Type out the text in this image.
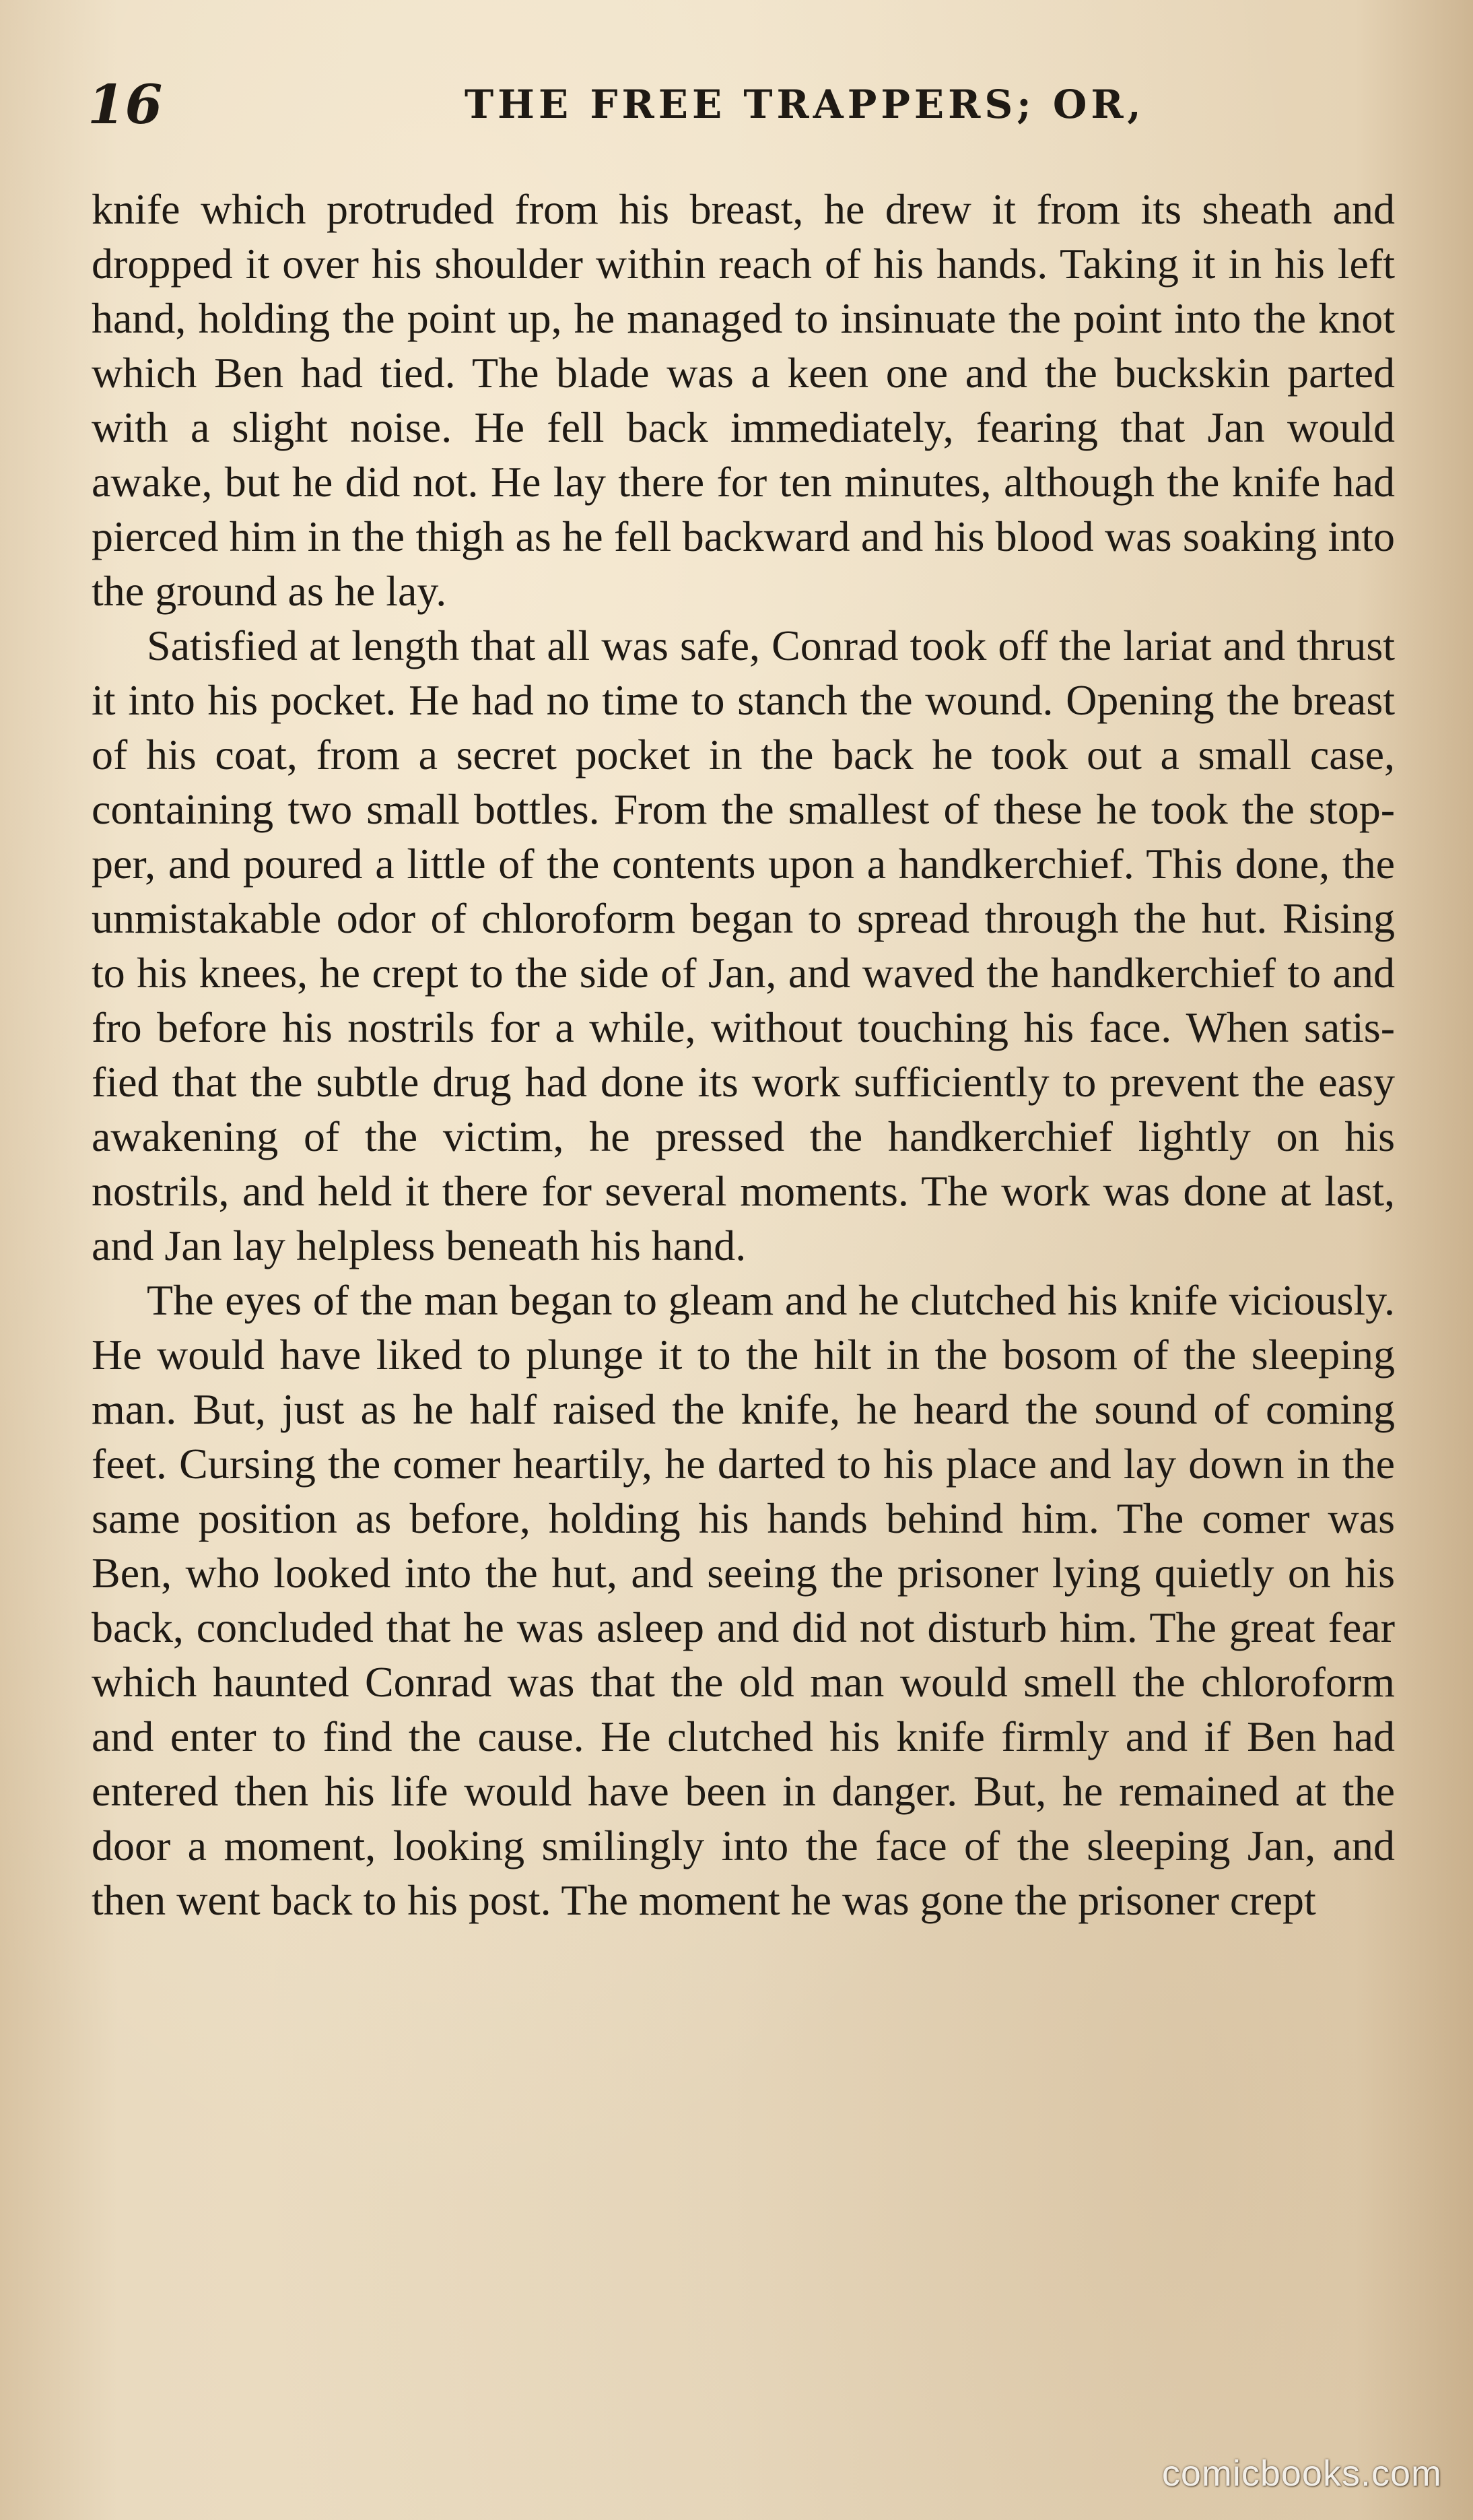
16	THE FREE TRAPPERS; OR,

knife which protruded from his breast, he drew it from its sheath and dropped it over his shoulder within reach of his hands. Taking it in his left hand, holding the point up, he managed to insinuate the point into the knot which Ben had tied. The blade was a keen one and the buckskin parted with a slight noise. He fell back immediately, fearing that Jan would awake, but he did not. He lay there for ten minutes, although the knife had pierced him in the thigh as he fell backward and his blood was soaking into the ground as he lay.

Satisfied at length that all was safe, Conrad took off the lariat and thrust it into his pocket. He had no time to stanch the wound. Opening the breast of his coat, from a secret pocket in the back he took out a small case, containing two small bottles. From the smallest of these he took the stopper, and poured a little of the contents upon a handkerchief. This done, the unmistakable odor of chloroform began to spread through the hut. Rising to his knees, he crept to the side of Jan, and waved the handkerchief to and fro before his nostrils for a while, without touching his face. When satisfied that the subtle drug had done its work sufficiently to prevent the easy awakening of the victim, he pressed the handkerchief lightly on his nostrils, and held it there for several moments. The work was done at last, and Jan lay helpless beneath his hand.

The eyes of the man began to gleam and he clutched his knife viciously. He would have liked to plunge it to the hilt in the bosom of the sleeping man. But, just as he half raised the knife, he heard the sound of coming feet. Cursing the comer heartily, he darted to his place and lay down in the same position as before, holding his hands behind him. The comer was Ben, who looked into the hut, and seeing the prisoner lying quietly on his back, concluded that he was asleep and did not disturb him. The great fear which haunted Conrad was that the old man would smell the chloroform and enter to find the cause. He clutched his knife firmly and if Ben had entered then his life would have been in danger. But, he remained at the door a moment, looking smilingly into the face of the sleeping Jan, and then went back to his post. The moment he was gone the prisoner crept

comicbooks.com
